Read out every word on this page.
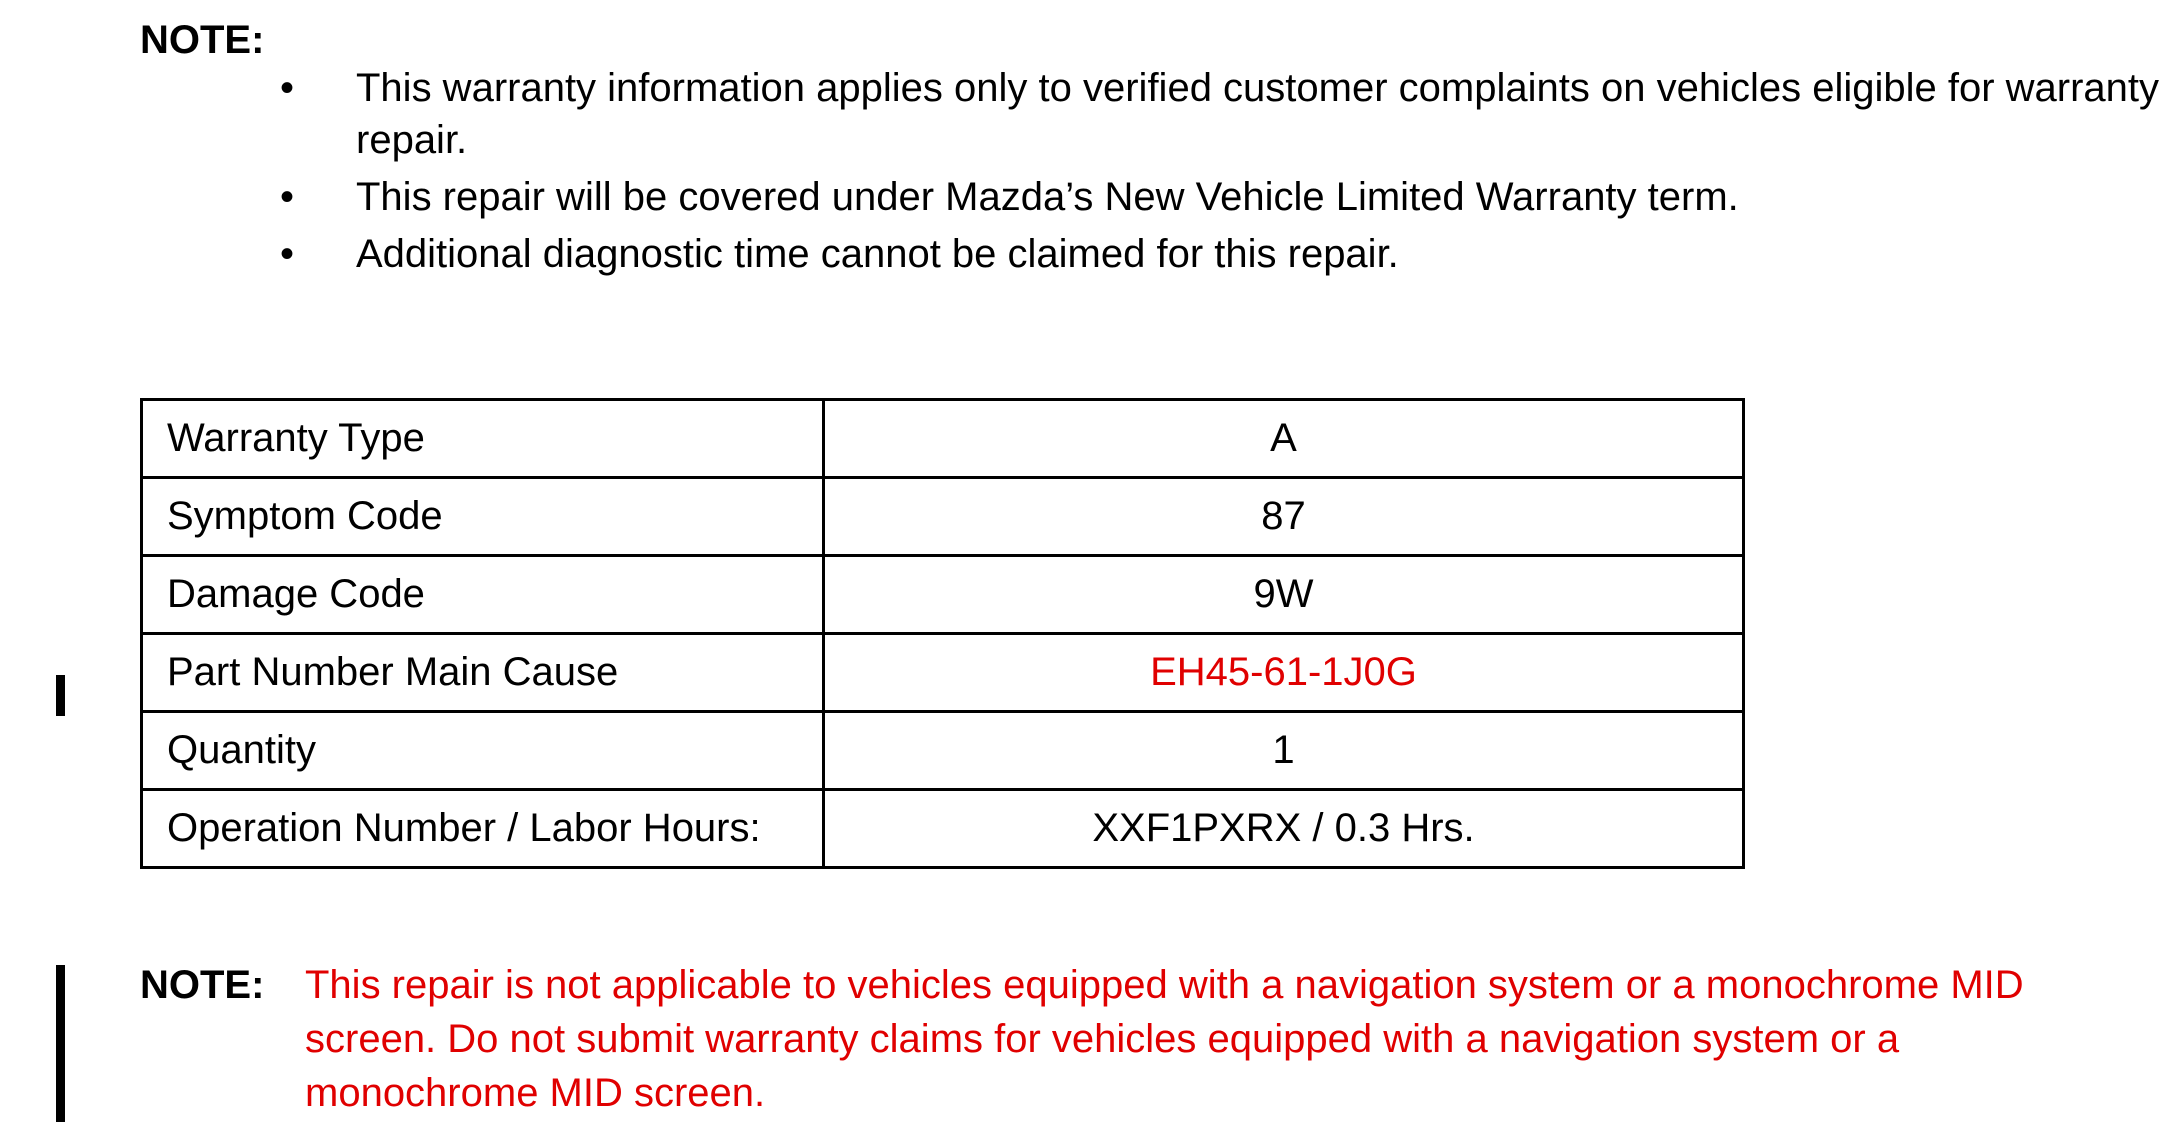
NOTE:
•	This warranty information applies only to verified customer complaints on vehicles eligible for warranty repair.
•	This repair will be covered under Mazda’s New Vehicle Limited Warranty term.
•	Additional diagnostic time cannot be claimed for this repair.
Warranty Type	A
Symptom Code	87
Damage Code	9W
Part Number Main Cause	EH45-61-1J0G
Quantity	1
Operation Number / Labor Hours:	XXF1PXRX / 0.3 Hrs.
NOTE: This repair is not applicable to vehicles equipped with a navigation system or a monochrome MID screen. Do not submit warranty claims for vehicles equipped with a navigation system or a monochrome MID screen.
